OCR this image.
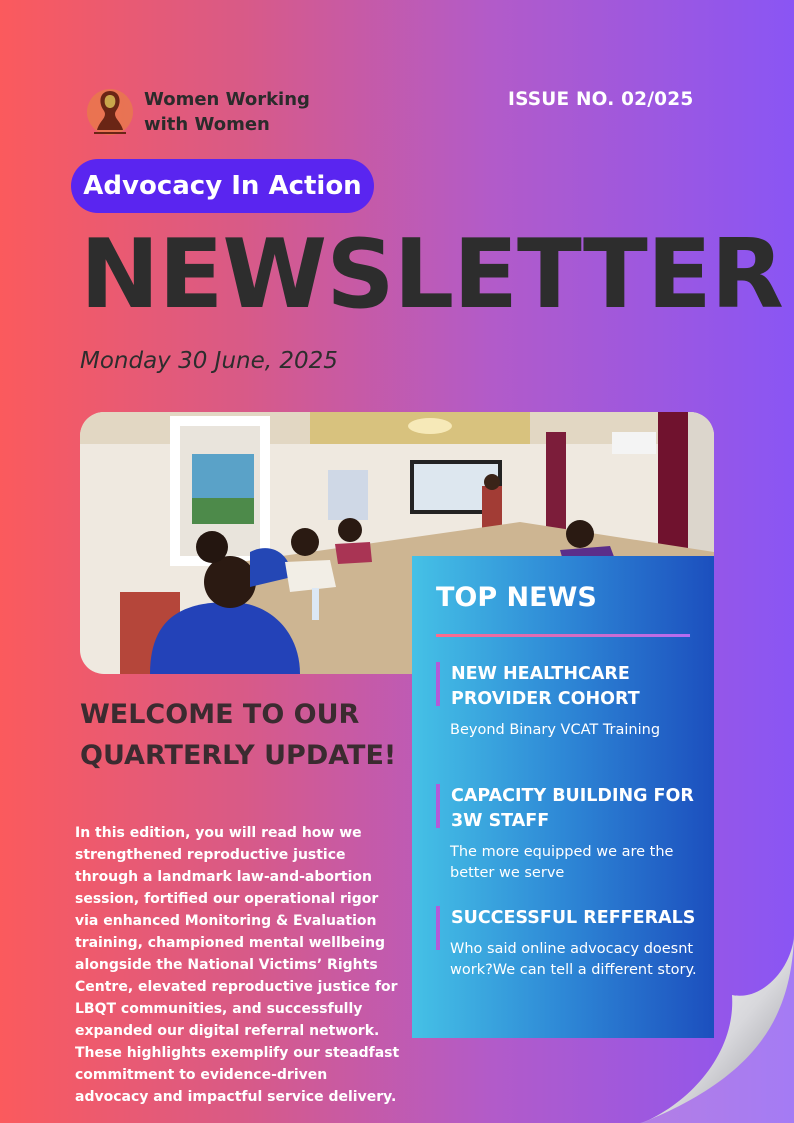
Women Working
with Women
ISSUE NO. 02/025
Advocacy In Action
NEWSLETTER
Monday 30 June, 2025
WELCOME TO OUR QUARTERLY UPDATE!
In this edition, you will read how we strengthened reproductive justice through a landmark law-and-abortion session, fortified our operational rigor via enhanced Monitoring & Evaluation training, championed mental wellbeing alongside the National Victims’ Rights Centre, elevated reproductive justice for LBQT communities, and successfully expanded our digital referral network. These highlights exemplify our steadfast commitment to evidence-driven advocacy and impactful service delivery.
TOP NEWS
NEW HEALTHCARE PROVIDER COHORT
Beyond Binary VCAT Training
CAPACITY BUILDING FOR 3W STAFF
The more equipped we are the better we serve
SUCCESSFUL REFFERALS
Who said online advocacy doesnt work?We can tell a different story.
